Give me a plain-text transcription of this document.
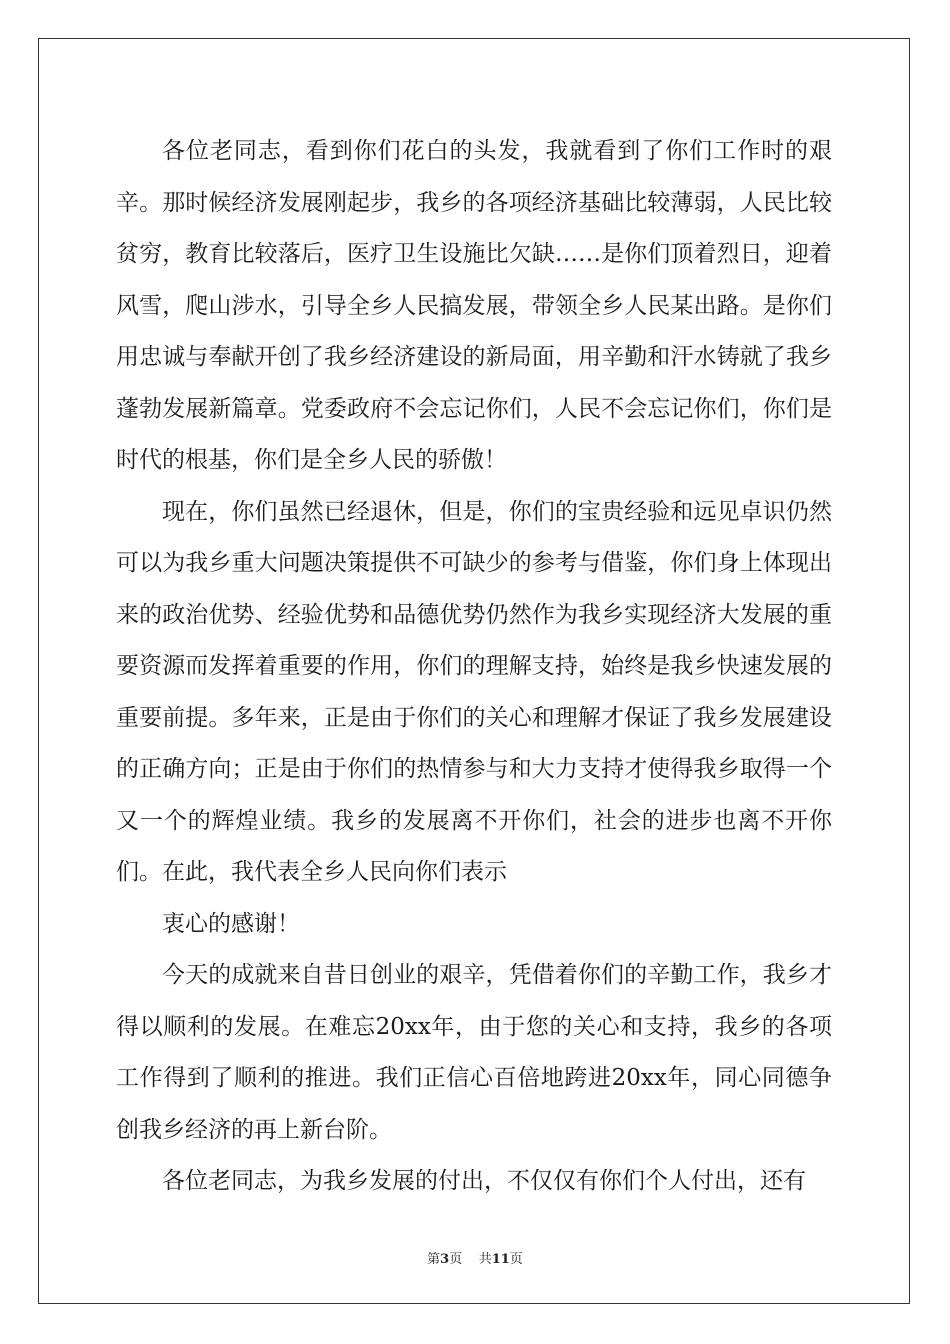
各位老同志，看到你们花白的头发，我就看到了你们工作时的艰辛。那时候经济发展刚起步，我乡的各项经济基础比较薄弱，人民比较贫穷，教育比较落后，医疗卫生设施比欠缺……是你们顶着烈日，迎着风雪，爬山涉水，引导全乡人民搞发展，带领全乡人民某出路。是你们用忠诚与奉献开创了我乡经济建设的新局面，用辛勤和汗水铸就了我乡蓬勃发展新篇章。党委政府不会忘记你们，人民不会忘记你们，你们是时代的根基，你们是全乡人民的骄傲！

现在，你们虽然已经退休，但是，你们的宝贵经验和远见卓识仍然可以为我乡重大问题决策提供不可缺少的参考与借鉴，你们身上体现出来的政治优势、经验优势和品德优势仍然作为我乡实现经济大发展的重要资源而发挥着重要的作用，你们的理解支持，始终是我乡快速发展的重要前提。多年来，正是由于你们的关心和理解才保证了我乡发展建设的正确方向；正是由于你们的热情参与和大力支持才使得我乡取得一个又一个的辉煌业绩。我乡的发展离不开你们，社会的进步也离不开你们。在此，我代表全乡人民向你们表示

衷心的感谢！

今天的成就来自昔日创业的艰辛，凭借着你们的辛勤工作，我乡才得以顺利的发展。在难忘20xx年，由于您的关心和支持，我乡的各项工作得到了顺利的推进。我们正信心百倍地跨进20xx年，同心同德争创我乡经济的再上新台阶。

各位老同志，为我乡发展的付出，不仅仅有你们个人付出，还有

第3页 共11页
